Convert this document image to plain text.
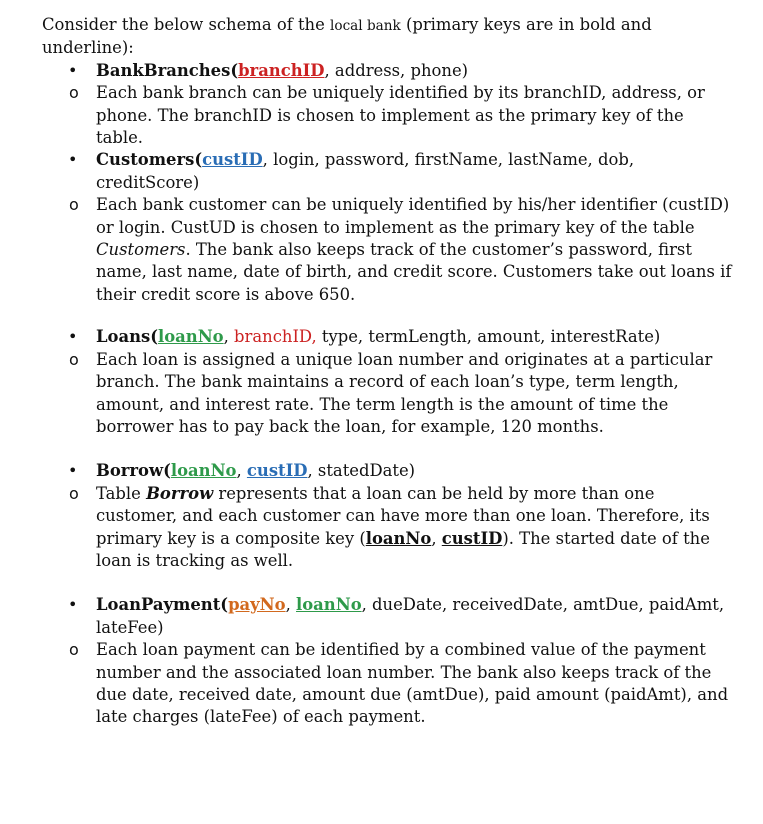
Consider the below schema of the local bank (primary keys are in bold and underline):

• BankBranches(branchID, address, phone)
o Each bank branch can be uniquely identified by its branchID, address, or phone. The branchID is chosen to implement as the primary key of the table.
• Customers(custID, login, password, firstName, lastName, dob, creditScore)
o Each bank customer can be uniquely identified by his/her identifier (custID) or login. CustUD is chosen to implement as the primary key of the table Customers. The bank also keeps track of the customer’s password, first name, last name, date of birth, and credit score. Customers take out loans if their credit score is above 650.
• Loans(loanNo, branchID, type, termLength, amount, interestRate)
o Each loan is assigned a unique loan number and originates at a particular branch. The bank maintains a record of each loan’s type, term length, amount, and interest rate. The term length is the amount of time the borrower has to pay back the loan, for example, 120 months.
• Borrow(loanNo, custID, statedDate)
o Table Borrow represents that a loan can be held by more than one customer, and each customer can have more than one loan. Therefore, its primary key is a composite key (loanNo, custID). The started date of the loan is tracking as well.
• LoanPayment(payNo, loanNo, dueDate, receivedDate, amtDue, paidAmt, lateFee)
o Each loan payment can be identified by a combined value of the payment number and the associated loan number. The bank also keeps track of the due date, received date, amount due (amtDue), paid amount (paidAmt), and late charges (lateFee) of each payment.
